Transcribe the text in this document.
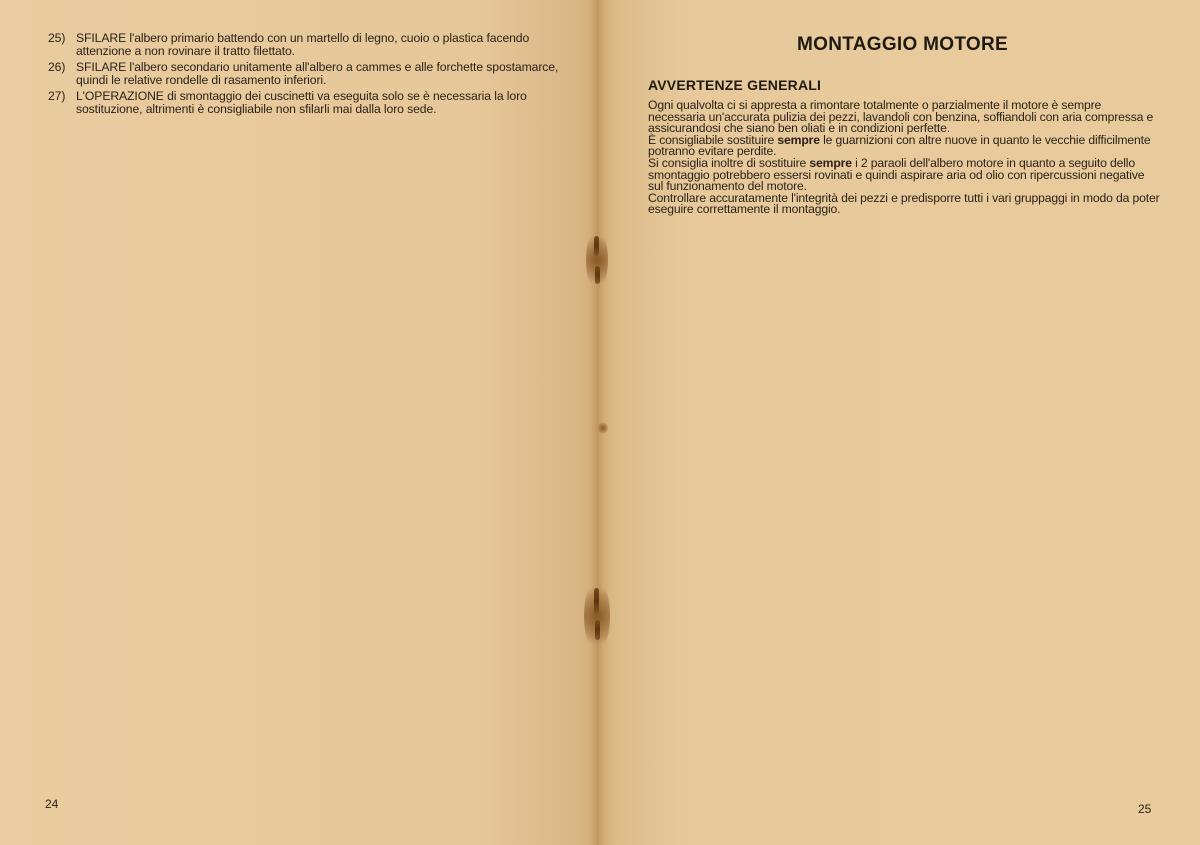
25) SFILARE l'albero primario battendo con un martello di legno, cuoio o plastica facendo attenzione a non rovinare il tratto filettato.
26) SFILARE l'albero secondario unitamente all'albero a cammes e alle forchette spostamarce, quindi le relative rondelle di rasamento inferiori.
27) L'OPERAZIONE di smontaggio dei cuscinetti va eseguita solo se è necessaria la loro sostituzione, altrimenti è consigliabile non sfilarli mai dalla loro sede.
24
MONTAGGIO MOTORE
AVVERTENZE GENERALI

Ogni qualvolta ci si appresta a rimontare totalmente o parzialmente il motore è sempre necessaria un'accurata pulizia dei pezzi, lavandoli con benzina, soffiandoli con aria compressa e assicurandosi che siano ben oliati e in condizioni perfette.

È consigliabile sostituire sempre le guarnizioni con altre nuove in quanto le vecchie difficilmente potranno evitare perdite.

Si consiglia inoltre di sostituire sempre i 2 paraoli dell'albero motore in quanto a seguito dello smontaggio potrebbero essersi rovinati e quindi aspirare aria od olio con ripercussioni negative sul funzionamento del motore.

Controllare accuratamente l'integrità dei pezzi e predisporre tutti i vari gruppaggi in modo da poter eseguire correttamente il montaggio.

25
